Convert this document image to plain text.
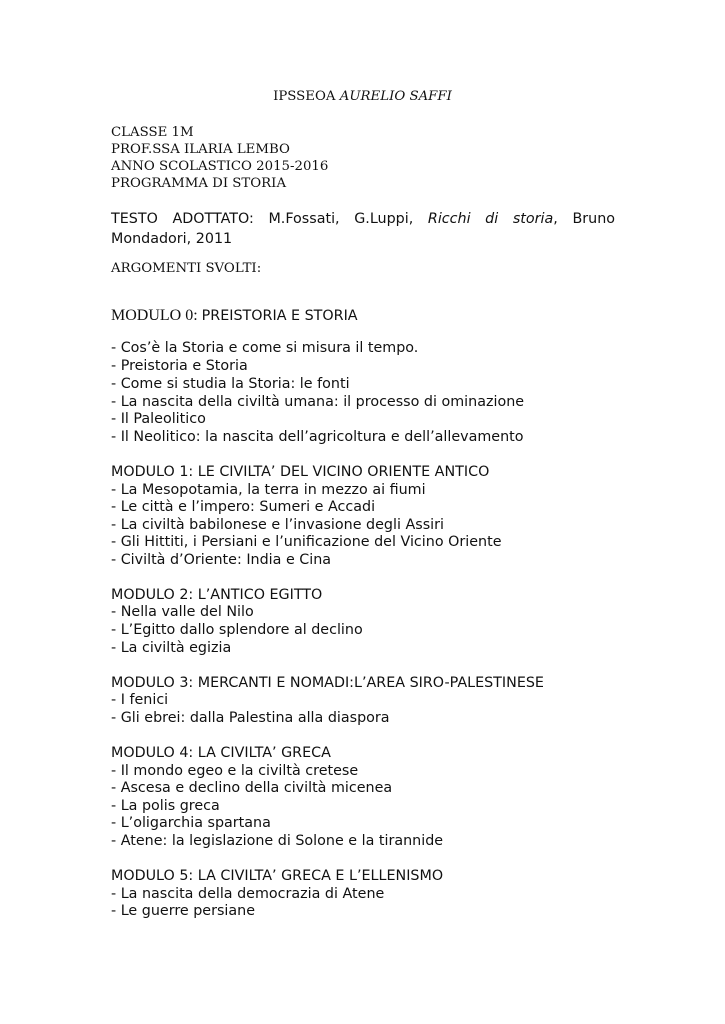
IPSSEOA AURELIO SAFFI
CLASSE 1M
PROF.SSA ILARIA LEMBO
ANNO SCOLASTICO 2015-2016
PROGRAMMA DI STORIA
TESTO ADOTTATO: M.Fossati, G.Luppi, Ricchi di storia, Bruno Mondadori, 2011
ARGOMENTI SVOLTI:
MODULO 0: PREISTORIA E STORIA
- Cos’è la Storia e come si misura il tempo.
- Preistoria e Storia
- Come si studia la Storia: le fonti
- La nascita della civiltà umana: il processo di ominazione
- Il Paleolitico
- Il Neolitico: la nascita dell’agricoltura e dell’allevamento
MODULO 1: LE CIVILTA’ DEL VICINO ORIENTE ANTICO
- La Mesopotamia, la terra in mezzo ai fiumi
- Le città e l’impero: Sumeri e Accadi
- La civiltà babilonese e l’invasione degli Assiri
- Gli Hittiti, i Persiani e l’unificazione del Vicino Oriente
- Civiltà d’Oriente: India e Cina
MODULO 2: L’ANTICO EGITTO
- Nella valle del Nilo
- L’Egitto dallo splendore al declino
- La civiltà egizia
MODULO 3: MERCANTI E NOMADI:L’AREA SIRO-PALESTINESE
- I fenici
- Gli ebrei: dalla Palestina alla diaspora
MODULO 4: LA CIVILTA’ GRECA
- Il mondo egeo e la civiltà cretese
- Ascesa e declino della civiltà micenea
- La polis greca
- L’oligarchia spartana
- Atene: la legislazione di Solone e la tirannide
MODULO 5: LA CIVILTA’ GRECA E L’ELLENISMO
- La nascita della democrazia di Atene
- Le guerre persiane
